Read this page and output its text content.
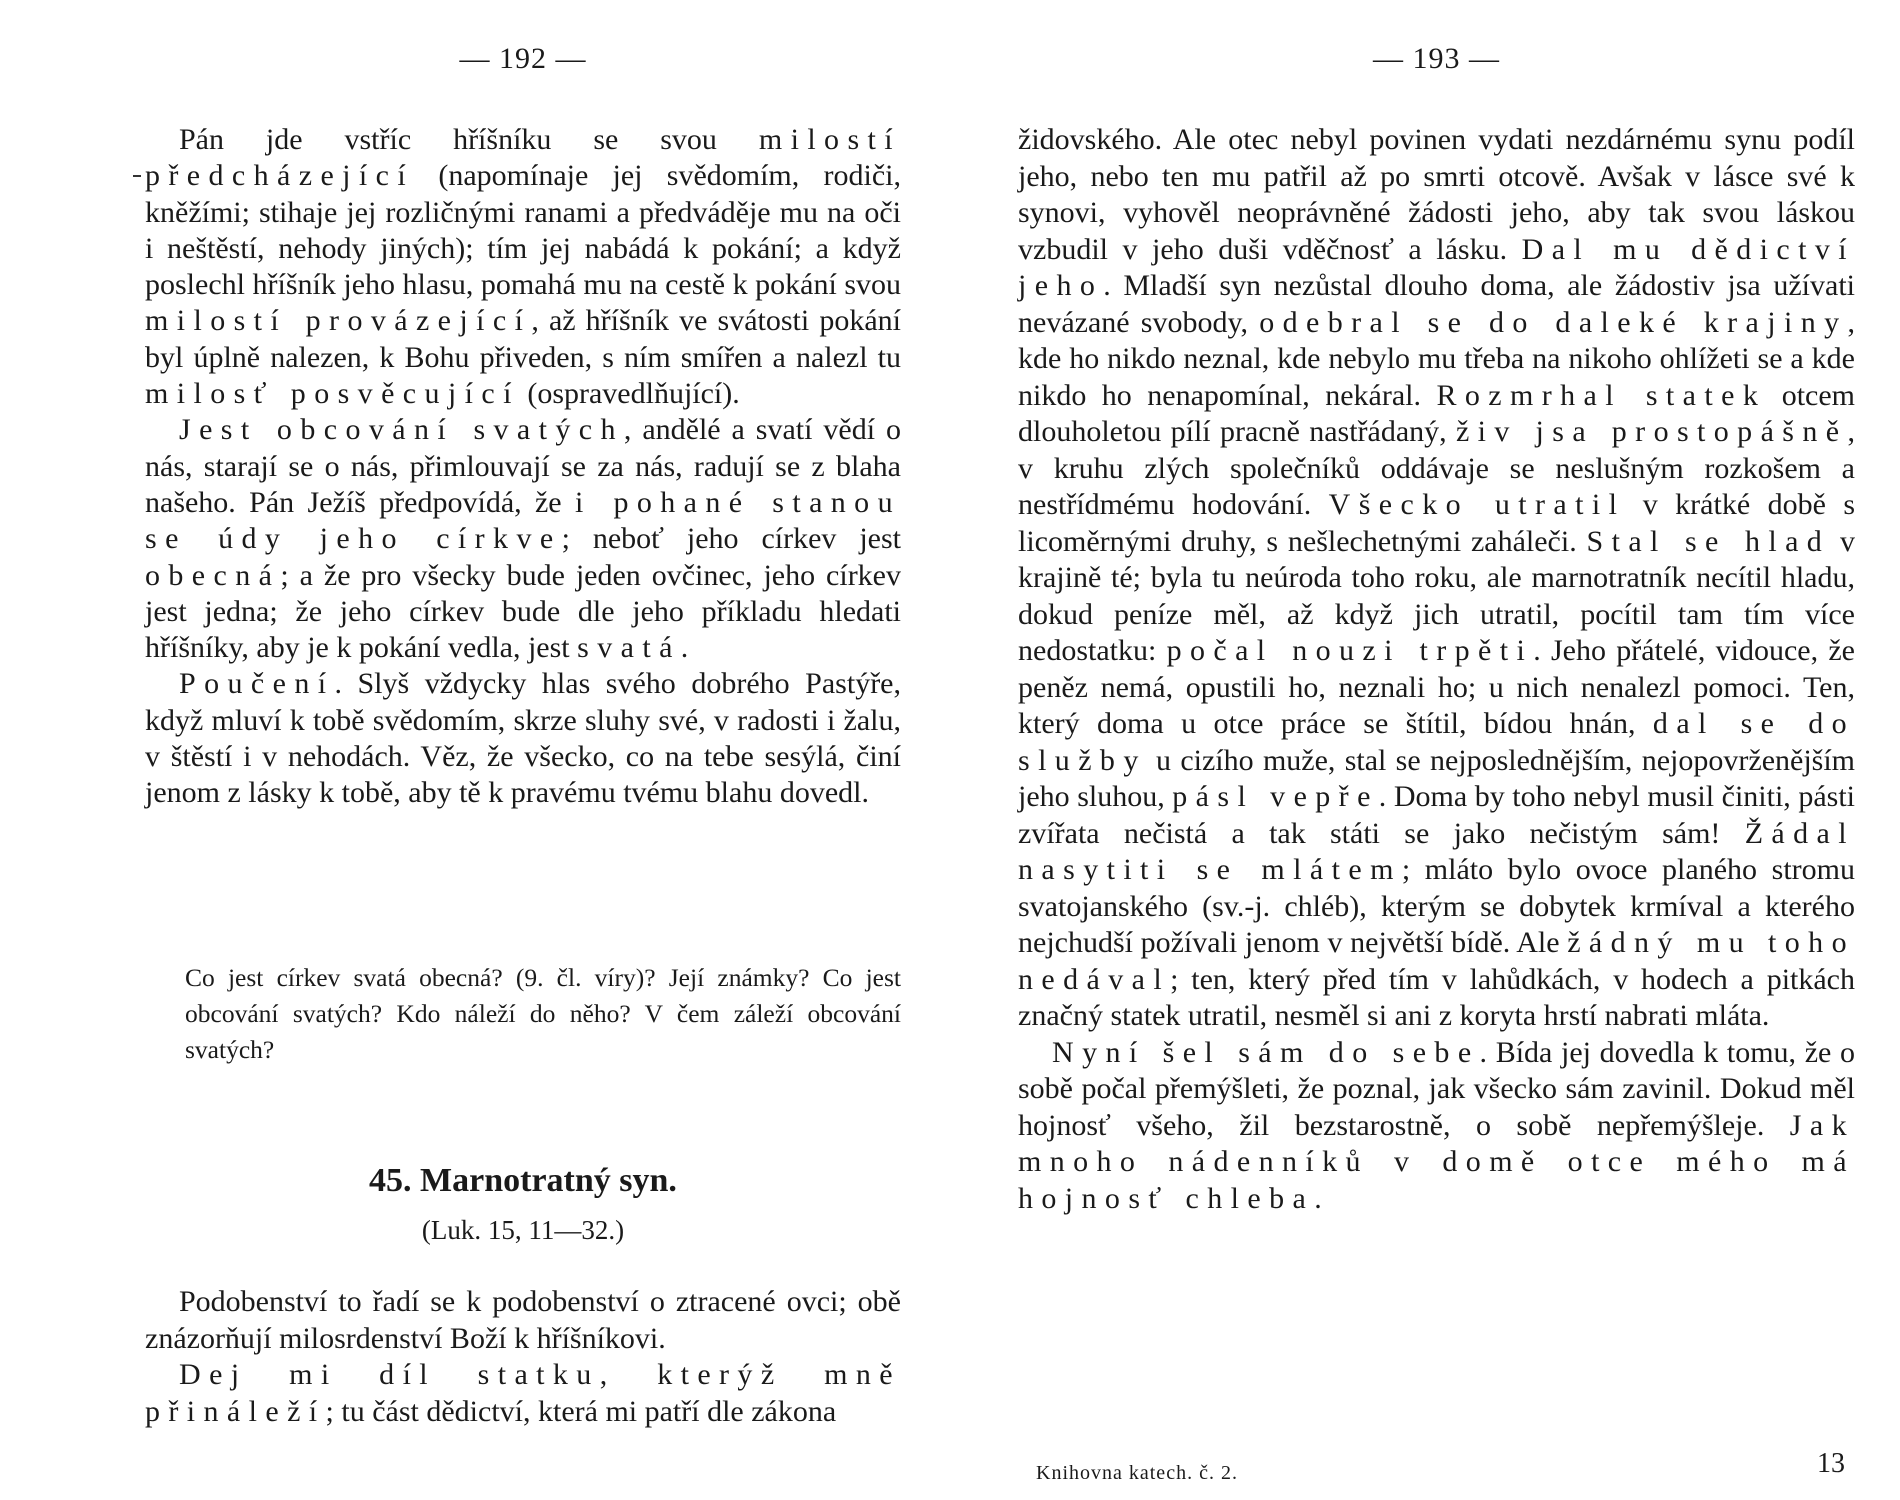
— 192 —

Pán jde vstříc hříšníku se svou milostí předcházející (napomínaje jej svědomím, rodiči, kněžími; stihaje jej rozličnými ranami a předváděje mu na oči i neštěstí, nehody jiných); tím jej nabádá k pokání; a když poslechl hříšník jeho hlasu, pomahá mu na cestě k pokání svou milostí provázející, až hříšník ve svátosti pokání byl úplně nalezen, k Bohu přiveden, s ním smířen a nalezl tu milosť posvěcující (ospravedlňující).

Jest obcování svatých, andělé a svatí vědí o nás, starají se o nás, přimlouvají se za nás, radují se z blaha našeho. Pán Ježíš předpovídá, že i pohané stanou se údy jeho církve; neboť jeho církev jest obecná; a že pro všecky bude jeden ovčinec, jeho církev jest jedna; že jeho církev bude dle jeho příkladu hledati hříšníky, aby je k pokání vedla, jest svatá.

Poučení. Slyš vždycky hlas svého dobrého Pastýře, když mluví k tobě svědomím, skrze sluhy své, v radosti i žalu, v štěstí i v nehodách. Věz, že všecko, co na tebe sesýlá, činí jenom z lásky k tobě, aby tě k pravému tvému blahu dovedl.

Co jest církev svatá obecná? (9. čl. víry)? Její známky? Co jest obcování svatých? Kdo náleží do něho? V čem záleží obcování svatých?
45. Marnotratný syn.
(Luk. 15, 11—32.)

Podobenství to řadí se k podobenství o ztracené ovci; obě znázorňují milosrdenství Boží k hříšníkovi.

Dej mi díl statku, kterýž mně přináleží; tu část dědictví, která mi patří dle zákona

— 193 —

židovského. Ale otec nebyl povinen vydati nezdárnému synu podíl jeho, nebo ten mu patřil až po smrti otcově. Avšak v lásce své k synovi, vyhověl neoprávněné žádosti jeho, aby tak svou láskou vzbudil v jeho duši vděčnosť a lásku. Dal mu dědictví jeho. Mladší syn nezůstal dlouho doma, ale žádostiv jsa užívati nevázané svobody, odebral se do daleké krajiny, kde ho nikdo neznal, kde nebylo mu třeba na nikoho ohlížeti se a kde nikdo ho nenapomínal, nekáral. Rozmrhal statek otcem dlouholetou pílí pracně nastřádaný, živ jsa prostopášně, v kruhu zlých společníků oddávaje se neslušným rozkošem a nestřídmému hodování. Všecko utratil v krátké době s licoměrnými druhy, s nešlechetnými zaháleči. Stal se hlad v krajině té; byla tu neúroda toho roku, ale marnotratník necítil hladu, dokud peníze měl, až když jich utratil, pocítil tam tím více nedostatku: počal nouzi trpěti. Jeho přátelé, vidouce, že peněz nemá, opustili ho, neznali ho; u nich nenalezl pomoci. Ten, který doma u otce práce se štítil, bídou hnán, dal se do služby u cizího muže, stal se nejposlednějším, nejopovrženějším jeho sluhou, pásl vepře. Doma by toho nebyl musil činiti, pásti zvířata nečistá a tak státi se jako nečistým sám! Žádal nasytiti se mlátem; mláto bylo ovoce planého stromu svatojanského (sv.-j. chléb), kterým se dobytek krmíval a kterého nejchudší požívali jenom v největší bídě. Ale žádný mu toho nedával; ten, který před tím v lahůdkách, v hodech a pitkách značný statek utratil, nesměl si ani z koryta hrstí nabrati mláta.

Nyní šel sám do sebe. Bída jej dovedla k tomu, že o sobě počal přemýšleti, že poznal, jak všecko sám zavinil. Dokud měl hojnosť všeho, žil bezstarostně, o sobě nepřemýšleje. Jak mnoho nádenníků v domě otce mého má hojnosť chleba.

Knihovna katech. č. 2.	13
